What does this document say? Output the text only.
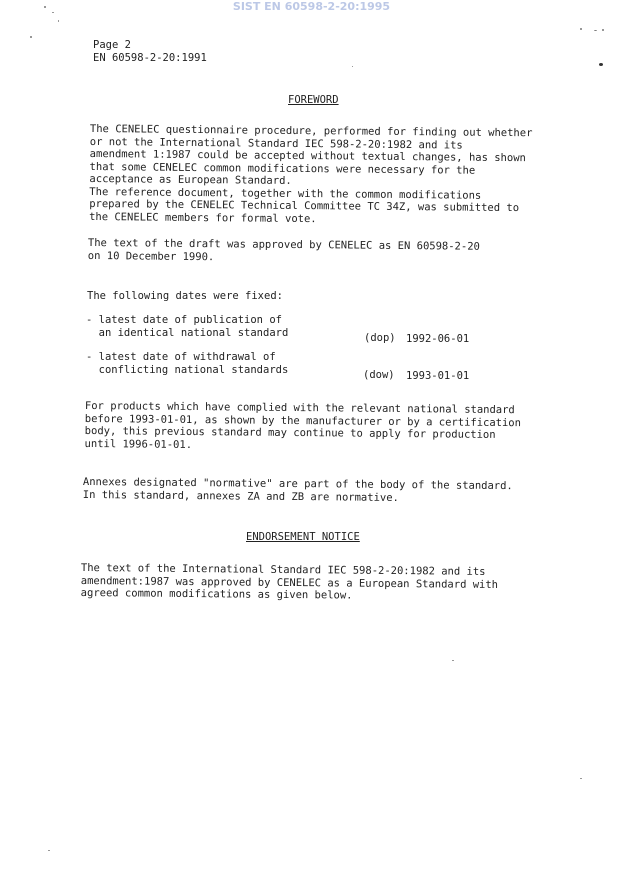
SIST EN 60598-2-20:1995
Page 2
EN 60598-2-20:1991
FOREWORD
The CENELEC questionnaire procedure, performed for finding out whether
or not the International Standard IEC 598-2-20:1982 and its
amendment 1:1987 could be accepted without textual changes, has shown
that some CENELEC common modifications were necessary for the
acceptance as European Standard.
The reference document, together with the common modifications
prepared by the CENELEC Technical Committee TC 34Z, was submitted to
the CENELEC members for formal vote.
The text of the draft was approved by CENELEC as EN 60598-2-20
on 10 December 1990.
The following dates were fixed:
- latest date of publication of
an identical national standard	(dop) 1992-06-01
- latest date of withdrawal of
conflicting national standards	(dow) 1993-01-01
For products which have complied with the relevant national standard
before 1993-01-01, as shown by the manufacturer or by a certification
body, this previous standard may continue to apply for production
until 1996-01-01.
Annexes designated "normative" are part of the body of the standard.
In this standard, annexes ZA and ZB are normative.
ENDORSEMENT NOTICE
The text of the International Standard IEC 598-2-20:1982 and its
amendment:1987 was approved by CENELEC as a European Standard with
agreed common modifications as given below.
